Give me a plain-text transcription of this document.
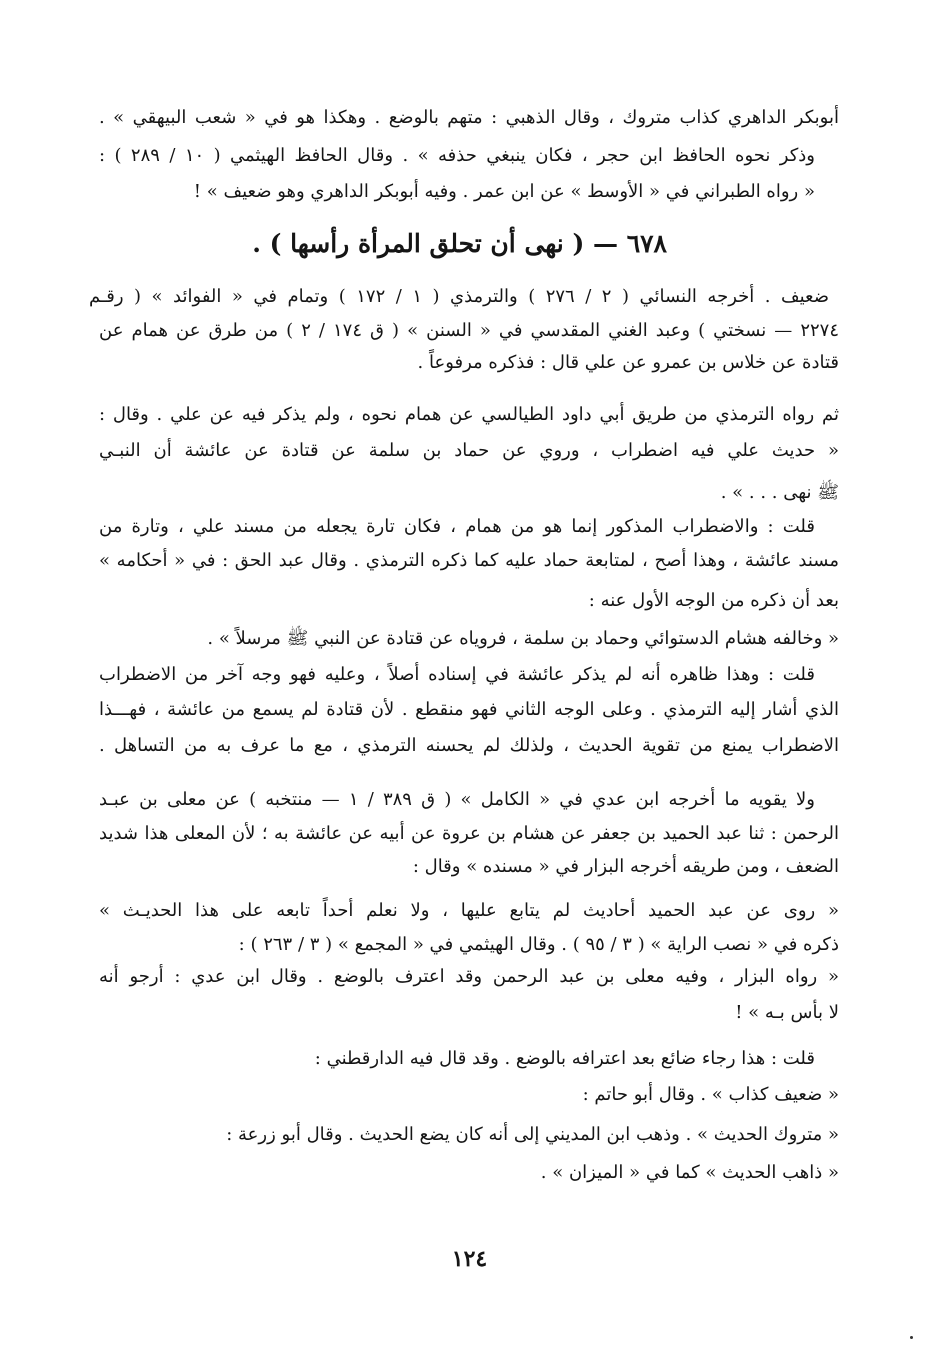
أبوبكر الداهري كذاب متروك ، وقال الذهبي : متهم بالوضع . وهكذا هو في « شعب البيهقي » .
وذكر نحوه الحافظ ابن حجر ، فكان ينبغي حذفه » . وقال الحافظ الهيثمي ( ١٠ / ٢٨٩ ) :
« رواه الطبراني في « الأوسط » عن ابن عمر . وفيه أبوبكر الداهري وهو ضعيف » !
٦٧٨ — ( نهى أن تحلق المرأة رأسها ) .
ضعيف . أخرجه النسائي ( ٢ / ٢٧٦ ) والترمذي ( ١ / ١٧٢ ) وتمام في « الفوائد » ( رقـم
٢٢٧٤ — نسختي ) وعبد الغني المقدسي في « السنن » ( ق ١٧٤ / ٢ ) من طرق عن همام عن
قتادة عن خلاس بن عمرو عن علي قال : فذكره مرفوعاً .
ثم رواه الترمذي من طريق أبي داود الطيالسي عن همام نحوه ، ولم يذكر فيه عن علي . وقال :
« حديث علي فيه اضطراب ، وروي عن حماد بن سلمة عن قتادة عن عائشة أن النبـي
ﷺ نهى . . . » .
قلت : والاضطراب المذكور إنما هو من همام ، فكان تارة يجعله من مسند علي ، وتارة من
مسند عائشة ، وهذا أصح ، لمتابعة حماد عليه كما ذكره الترمذي . وقال عبد الحق : في « أحكامه »
بعد أن ذكره من الوجه الأول عنه :
« وخالفه هشام الدستوائي وحماد بن سلمة ، فروياه عن قتادة عن النبي ﷺ مرسلاً » .
قلت : وهذا ظاهره أنه لم يذكر عائشة في إسناده أصلاً ، وعليه فهو وجه آخر من الاضطراب
الذي أشار إليه الترمذي . وعلى الوجه الثاني فهو منقطع . لأن قتادة لم يسمع من عائشة ، فهـــذا
الاضطراب يمنع من تقوية الحديث ، ولذلك لم يحسنه الترمذي ، مع ما عرف به من التساهل .
ولا يقويه ما أخرجه ابن عدي في « الكامل » ( ق ٣٨٩ / ١ — منتخبه ) عن معلى بن عبـد
الرحمن : ثنا عبد الحميد بن جعفر عن هشام بن عروة عن أبيه عن عائشة به ؛ لأن المعلى هذا شديد
الضعف ، ومن طريقه أخرجه البزار في « مسنده » وقال :
« روى عن عبد الحميد أحاديث لم يتابع عليها ، ولا نعلم أحداً تابعه على هذا الحديـث »
ذكره في « نصب الراية » ( ٣ / ٩٥ ) . وقال الهيثمي في « المجمع » ( ٣ / ٢٦٣ ) :
« رواه البزار ، وفيه معلى بن عبد الرحمن وقد اعترف بالوضع . وقال ابن عدي : أرجو أنه
لا بأس بـه » !
قلت : هذا رجاء ضائع بعد اعترافه بالوضع . وقد قال فيه الدارقطني :
« ضعيف كذاب » . وقال أبو حاتم :
« متروك الحديث » . وذهب ابن المديني إلى أنه كان يضع الحديث . وقال أبو زرعة :
« ذاهب الحديث » كما في « الميزان » .
١٢٤
